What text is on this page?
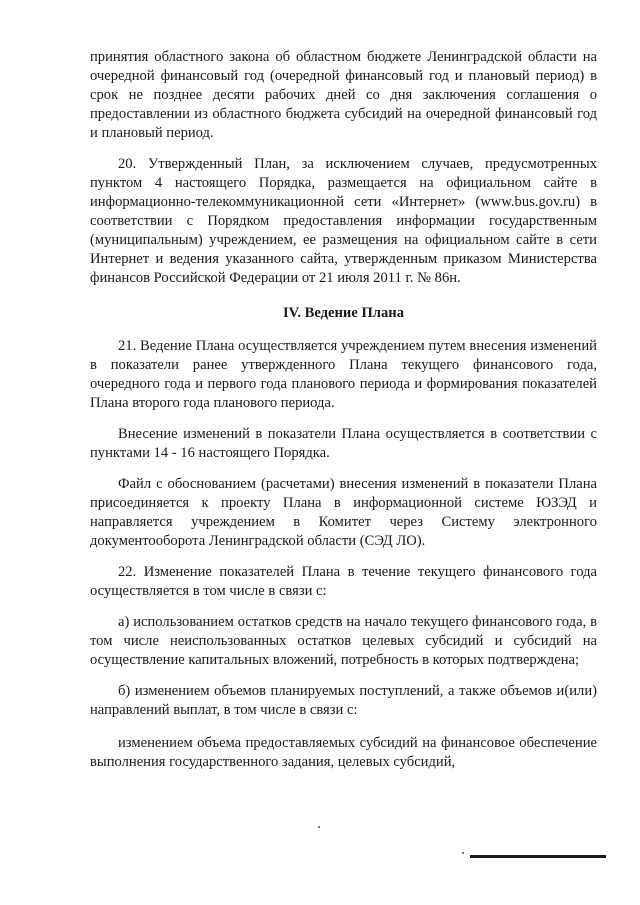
принятия областного закона об областном бюджете Ленинградской области на очередной финансовый год (очередной финансовый год и плановый период) в срок не позднее десяти рабочих дней со дня заключения соглашения о предоставлении из областного бюджета субсидий на очередной финансовый год и плановый период.

20. Утвержденный План, за исключением случаев, предусмотренных пунктом 4 настоящего Порядка, размещается на официальном сайте в информационно-телекоммуникационной сети «Интернет» (www.bus.gov.ru) в соответствии с Порядком предоставления информации государственным (муниципальным) учреждением, ее размещения на официальном сайте в сети Интернет и ведения указанного сайта, утвержденным приказом Министерства финансов Российской Федерации от 21 июля 2011 г. № 86н.

IV. Ведение Плана

21. Ведение Плана осуществляется учреждением путем внесения изменений в показатели ранее утвержденного Плана текущего финансового года, очередного года и первого года планового периода и формирования показателей Плана второго года планового периода.

Внесение изменений в показатели Плана осуществляется в соответствии с пунктами 14 - 16 настоящего Порядка.

Файл с обоснованием (расчетами) внесения изменений в показатели Плана присоединяется к проекту Плана в информационной системе ЮЗЭД и направляется учреждением в Комитет через Систему электронного документооборота Ленинградской области (СЭД ЛО).

22. Изменение показателей Плана в течение текущего финансового года осуществляется в том числе в связи с:

а) использованием остатков средств на начало текущего финансового года, в том числе неиспользованных остатков целевых субсидий и субсидий на осуществление капитальных вложений, потребность в которых подтверждена;

б) изменением объемов планируемых поступлений, а также объемов и(или) направлений выплат, в том числе в связи с:

изменением объема предоставляемых субсидий на финансовое обеспечение выполнения государственного задания, целевых субсидий,
